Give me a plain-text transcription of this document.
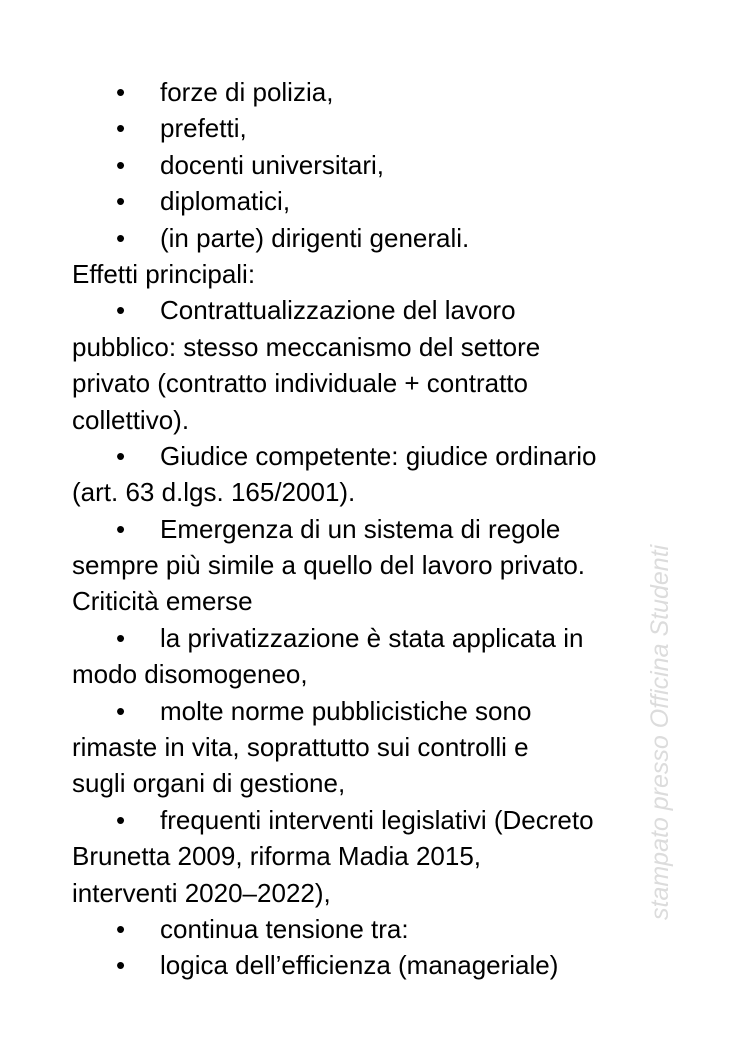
• forze di polizia,
• prefetti,
• docenti universitari,
• diplomatici,
• (in parte) dirigenti generali.
Effetti principali:
• Contrattualizzazione del lavoro
pubblico: stesso meccanismo del settore
privato (contratto individuale + contratto
collettivo).
• Giudice competente: giudice ordinario
(art. 63 d.lgs. 165/2001).
• Emergenza di un sistema di regole
sempre più simile a quello del lavoro privato.
Criticità emerse
• la privatizzazione è stata applicata in
modo disomogeneo,
• molte norme pubblicistiche sono
rimaste in vita, soprattutto sui controlli e
sugli organi di gestione,
• frequenti interventi legislativi (Decreto
Brunetta 2009, riforma Madia 2015,
interventi 2020–2022),
• continua tensione tra:
• logica dell’efficienza (manageriale)
stampato presso Officina Studenti
